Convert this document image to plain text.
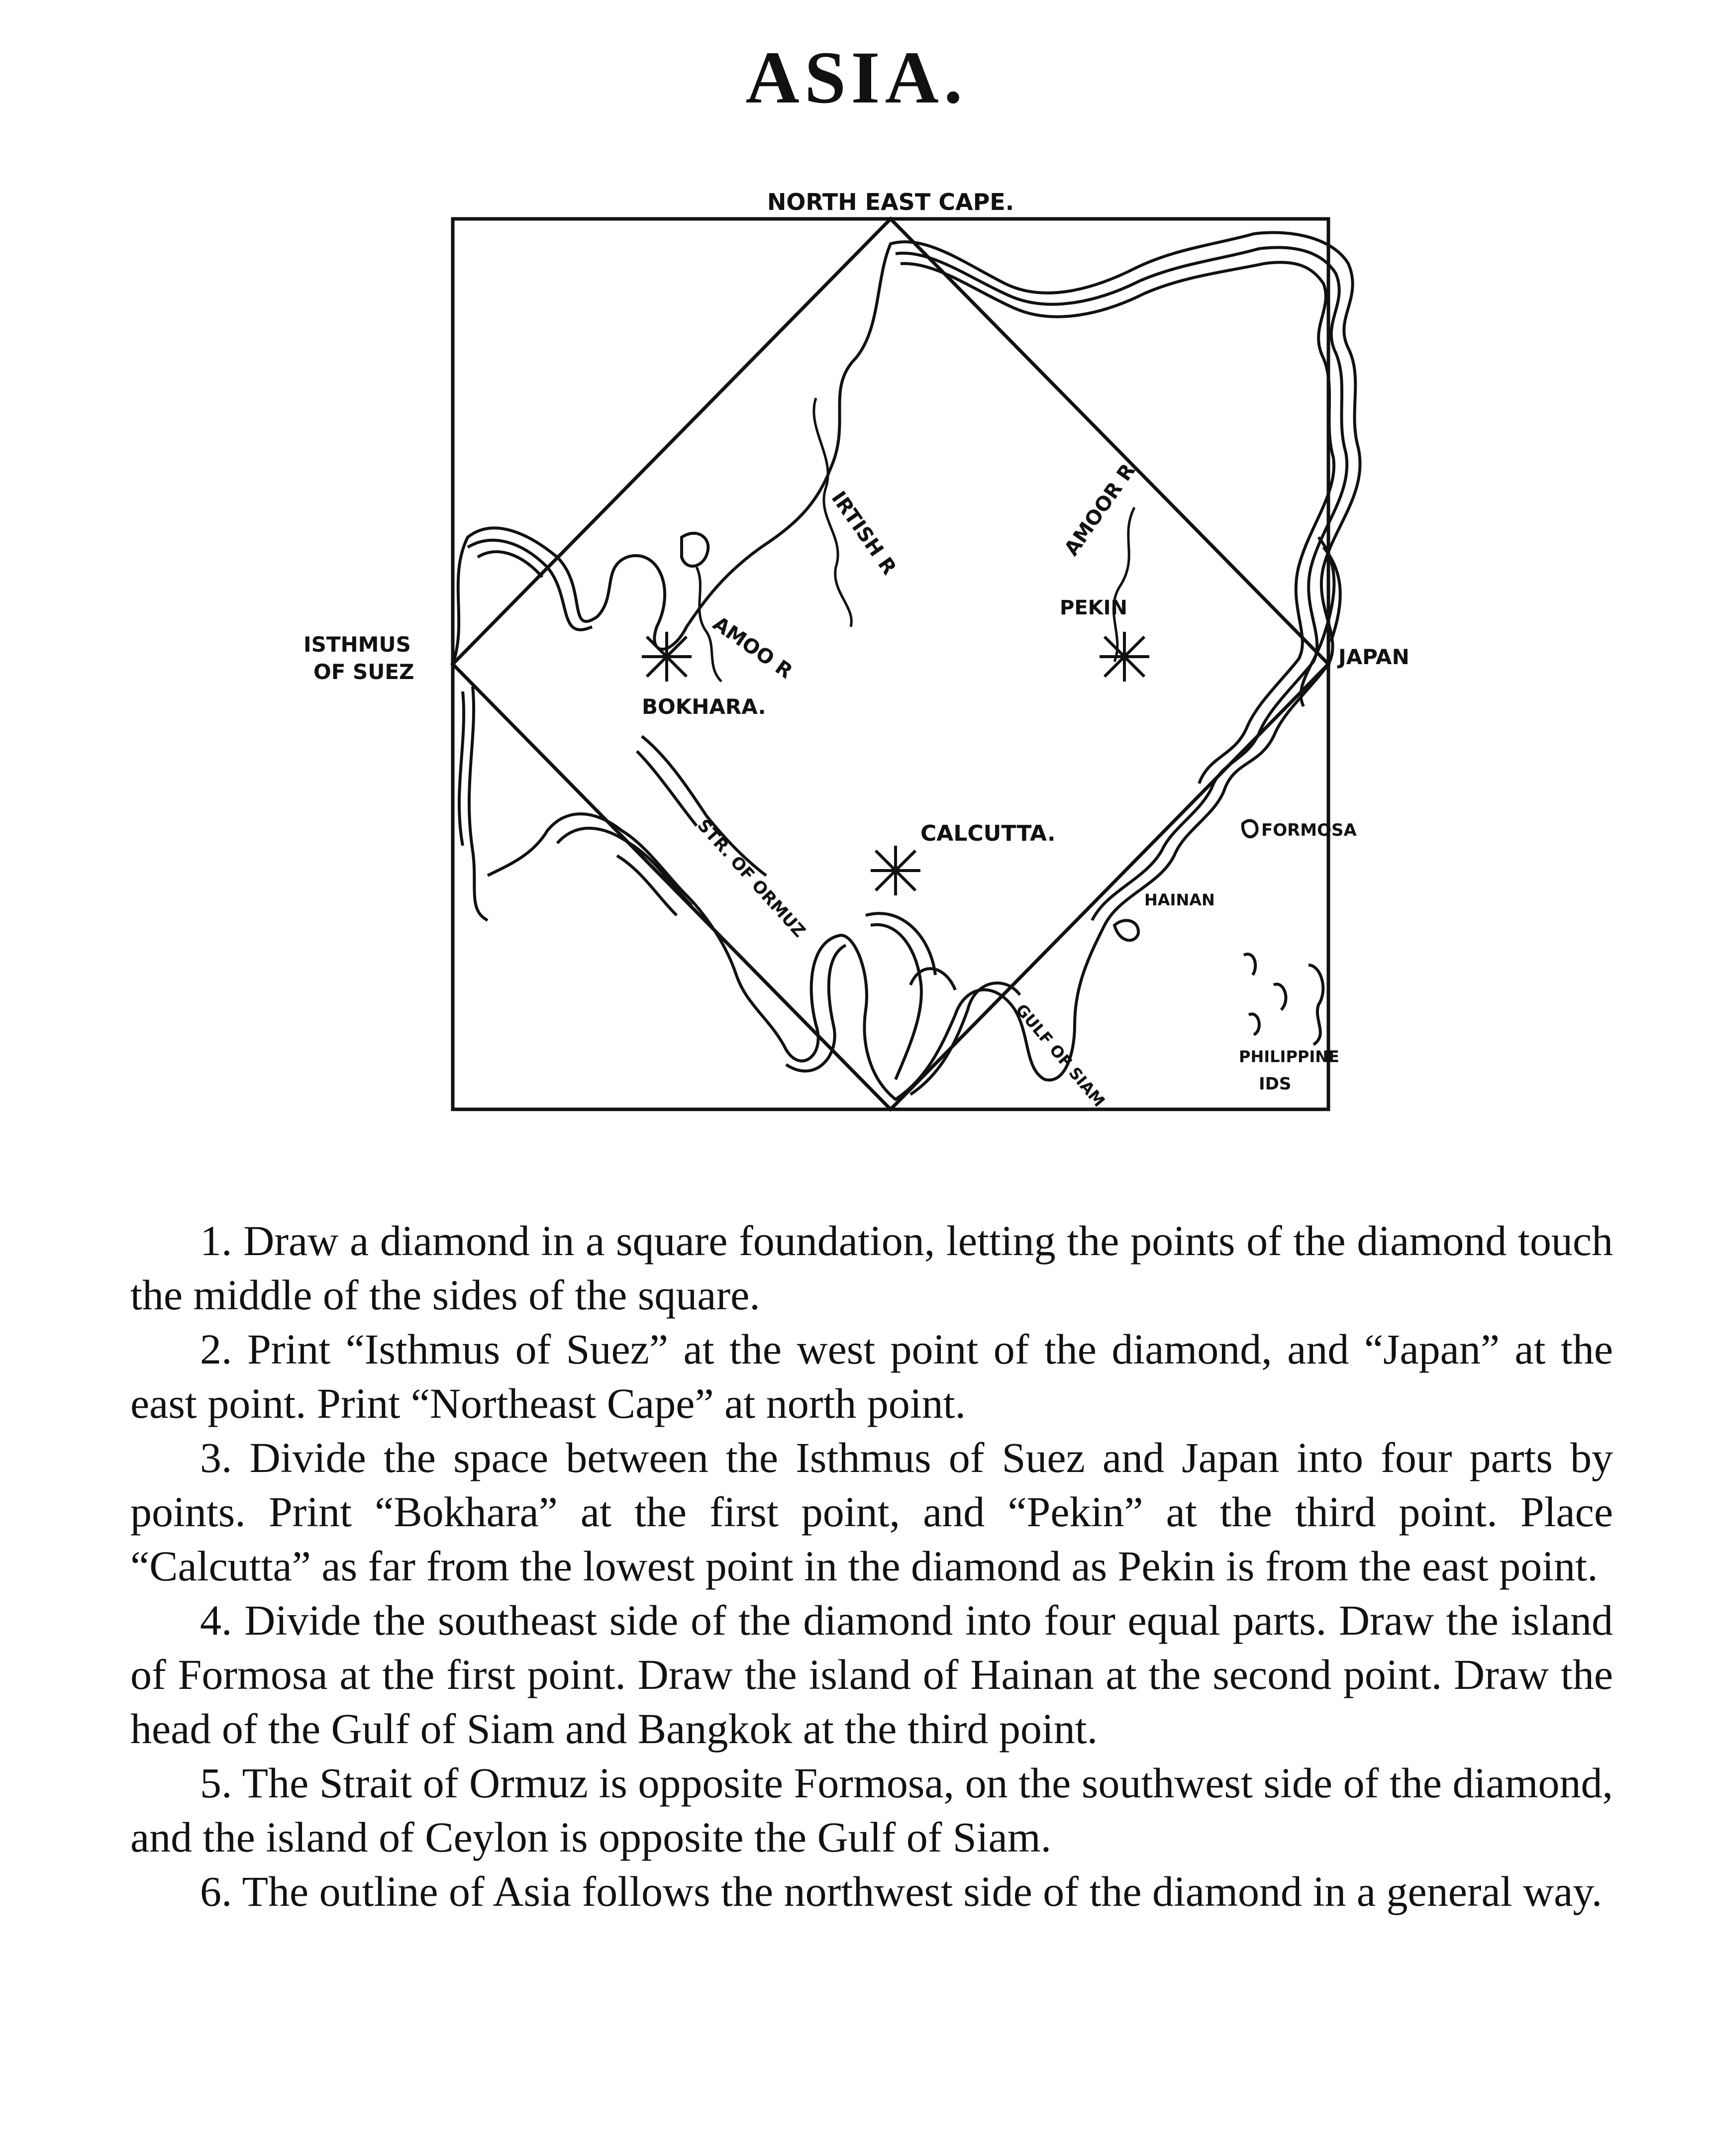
ASIA.
NORTH EAST CAPE.
ISTHMUS
OF SUEZ
JAPAN
IRTISH R	AMOOR R
AMOO R
PEKIN
BOKHARA.
CALCUTTA.
STR. OF ORMUZ	FORMOSA
HAINAN
GULF OF SIAM	PHILIPPINE
IDS

1. Draw a diamond in a square foundation, letting the points of the diamond touch the middle of the sides of the square.

2. Print “Isthmus of Suez” at the west point of the diamond, and “Japan” at the east point. Print “Northeast Cape” at north point.

3. Divide the space between the Isthmus of Suez and Japan into four parts by points. Print “Bokhara” at the first point, and “Pekin” at the third point. Place “Calcutta” as far from the lowest point in the diamond as Pekin is from the east point.

4. Divide the southeast side of the diamond into four equal parts. Draw the island of Formosa at the first point. Draw the island of Hainan at the second point. Draw the head of the Gulf of Siam and Bangkok at the third point.

5. The Strait of Ormuz is opposite Formosa, on the southwest side of the diamond, and the island of Ceylon is opposite the Gulf of Siam.

6. The outline of Asia follows the northwest side of the diamond in a general way.
